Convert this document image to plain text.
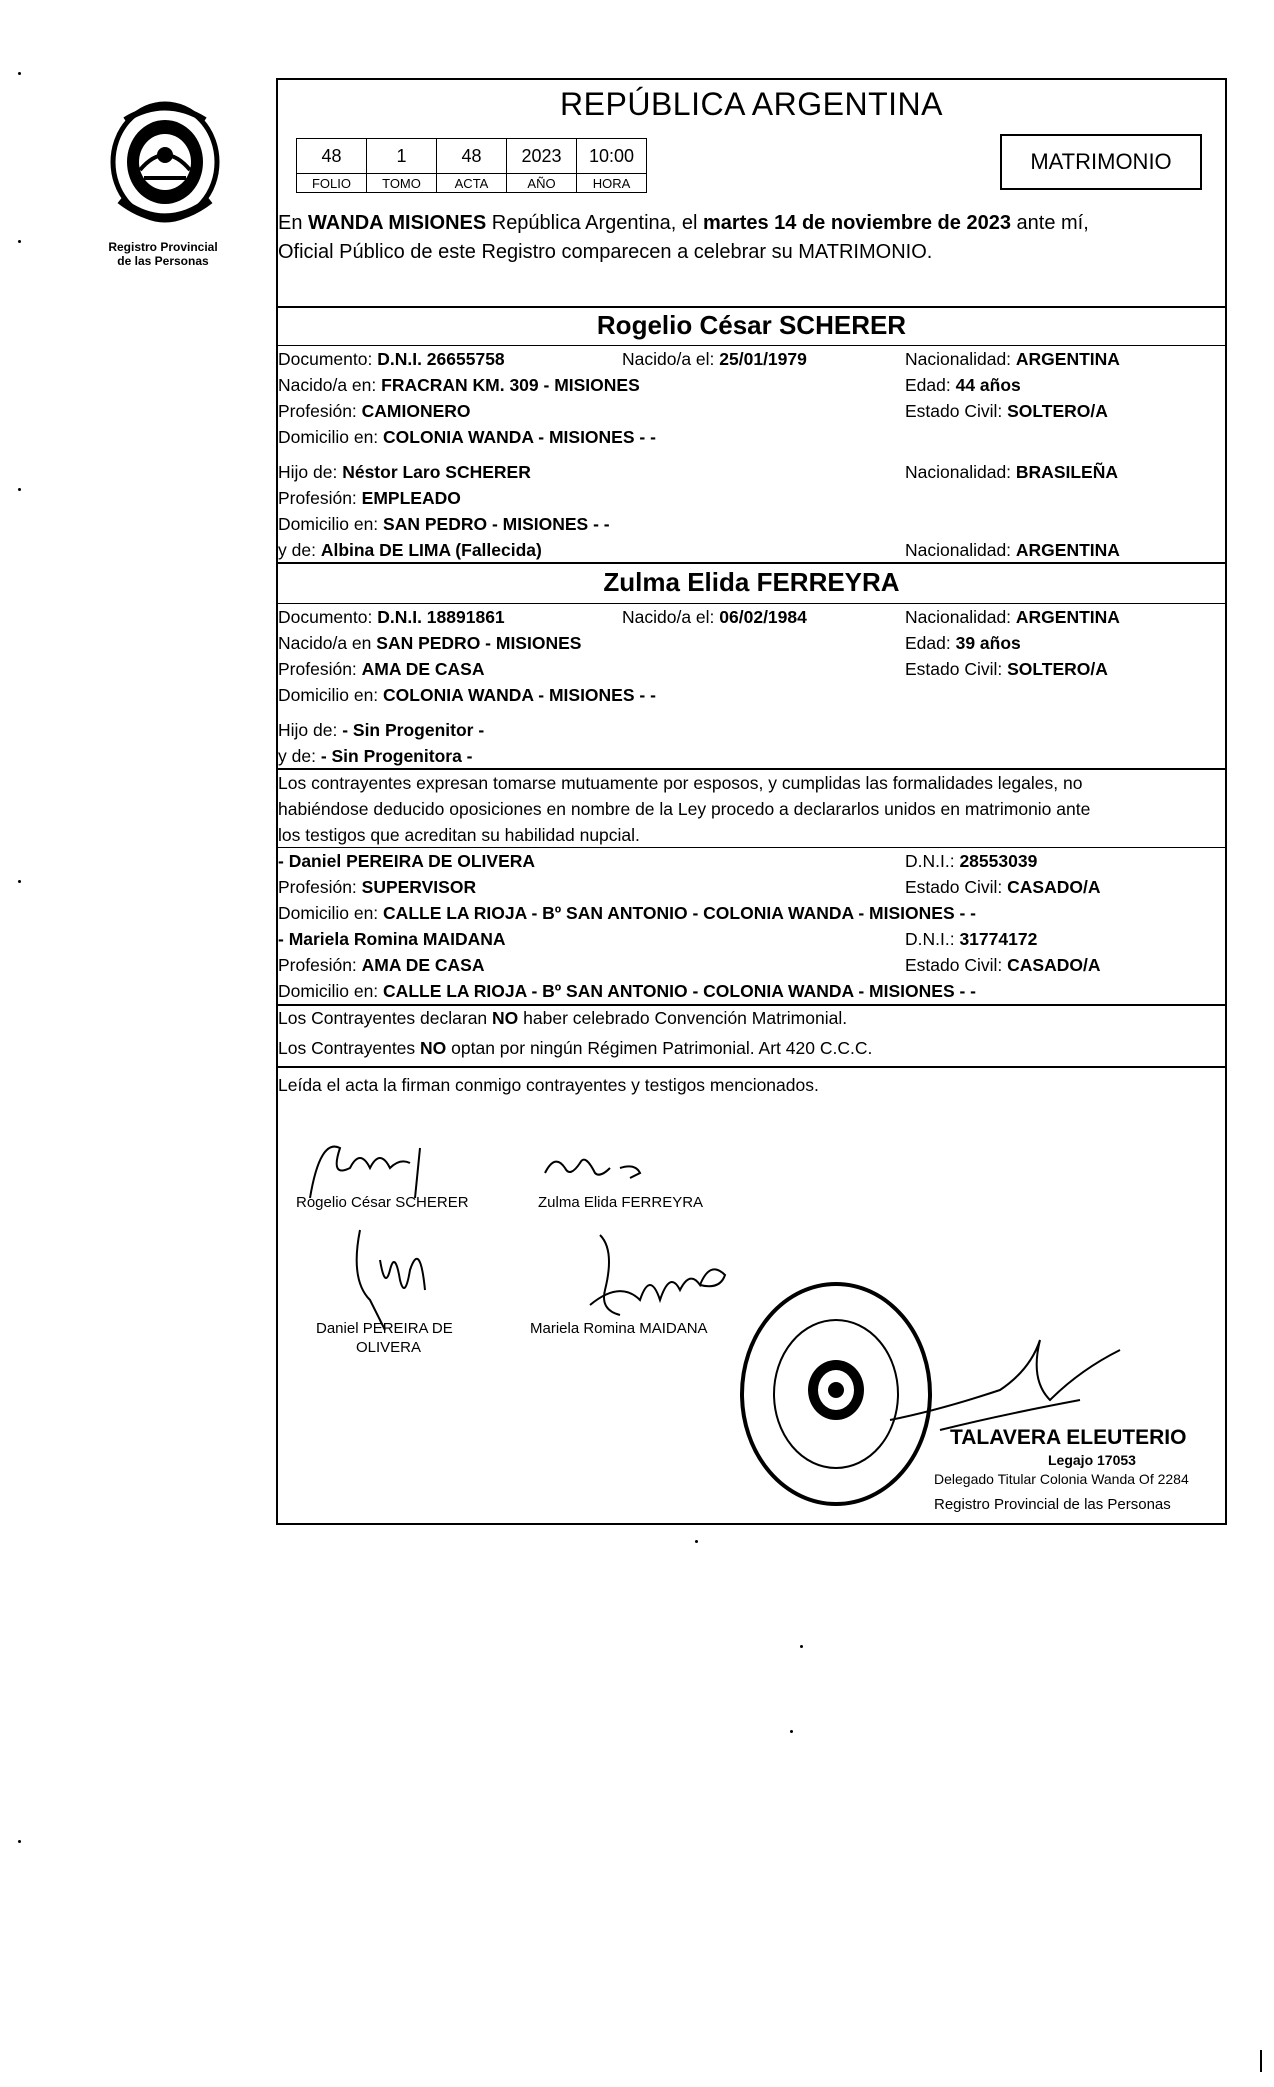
Registro Provincial
de las Personas
REPÚBLICA ARGENTINA
48	1	48	2023	10:00
FOLIO	TOMO	ACTA	AÑO	HORA
MATRIMONIO
En WANDA MISIONES República Argentina, el martes 14 de noviembre de 2023 ante mí,
Oficial Público de este Registro comparecen a celebrar su MATRIMONIO.
Rogelio César SCHERER
Documento: D.N.I. 26655758	Nacido/a el: 25/01/1979	Nacionalidad: ARGENTINA
Nacido/a en: FRACRAN KM. 309 - MISIONES	Edad: 44 años
Profesión: CAMIONERO	Estado Civil: SOLTERO/A
Domicilio en: COLONIA WANDA - MISIONES - -
Hijo de: Néstor Laro SCHERER	Nacionalidad: BRASILEÑA
Profesión: EMPLEADO
Domicilio en: SAN PEDRO - MISIONES - -
y de: Albina DE LIMA (Fallecida)	Nacionalidad: ARGENTINA
Zulma Elida FERREYRA
Documento: D.N.I. 18891861	Nacido/a el: 06/02/1984	Nacionalidad: ARGENTINA
Nacido/a en SAN PEDRO - MISIONES	Edad: 39 años
Profesión: AMA DE CASA	Estado Civil: SOLTERO/A
Domicilio en: COLONIA WANDA - MISIONES - -
Hijo de: - Sin Progenitor -
y de: - Sin Progenitora -
Los contrayentes expresan tomarse mutuamente por esposos, y cumplidas las formalidades legales, no
habiéndose deducido oposiciones en nombre de la Ley procedo a declararlos unidos en matrimonio ante
los testigos que acreditan su habilidad nupcial.
- Daniel PEREIRA DE OLIVERA	D.N.I.: 28553039
Profesión: SUPERVISOR	Estado Civil: CASADO/A
Domicilio en: CALLE LA RIOJA - Bº SAN ANTONIO - COLONIA WANDA - MISIONES - -
- Mariela Romina MAIDANA	D.N.I.: 31774172
Profesión: AMA DE CASA	Estado Civil: CASADO/A
Domicilio en: CALLE LA RIOJA - Bº SAN ANTONIO - COLONIA WANDA - MISIONES - -
Los Contrayentes declaran NO haber celebrado Convención Matrimonial.
Los Contrayentes NO optan por ningún Régimen Patrimonial. Art 420 C.C.C.
Leída el acta la firman conmigo contrayentes y testigos mencionados.
Rogelio César SCHERER	Zulma Elida FERREYRA
Daniel PEREIRA DE
OLIVERA
Mariela Romina MAIDANA
TALAVERA ELEUTERIO
Legajo 17053
Delegado Titular Colonia Wanda Of 2284
Registro Provincial de las Personas
